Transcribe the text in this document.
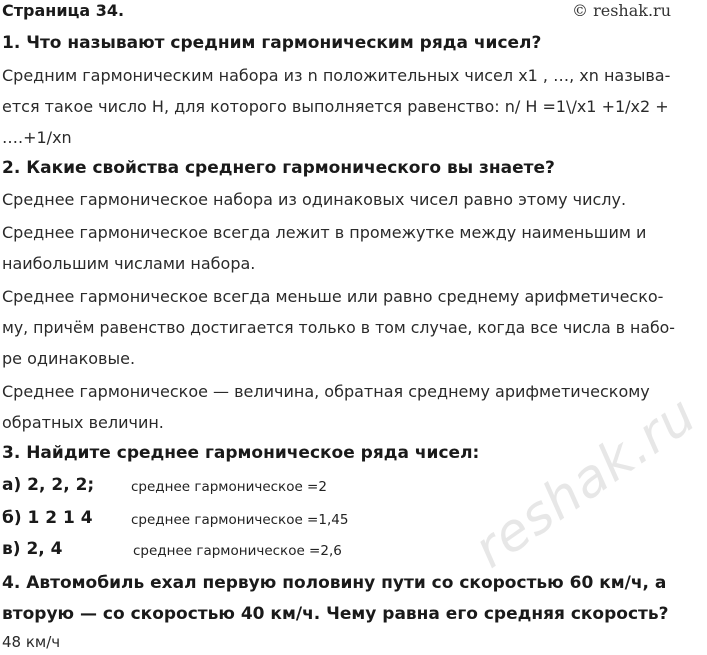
Страница 34.	© reshak.ru
1. Что называют средним гармоническим ряда чисел?
Средним гармоническим набора из n положительных чисел x1 , …, xn называ-
ется такое число H, для которого выполняется равенство: n/ H =1\/x1 +1/x2 +
….+1/xn
2. Какие свойства среднего гармонического вы знаете?
Среднее гармоническое набора из одинаковых чисел равно этому числу.
Среднее гармоническое всегда лежит в промежутке между наименьшим и
наибольшим числами набора.
Среднее гармоническое всегда меньше или равно среднему арифметическо-
му, причём равенство достигается только в том случае, когда все числа в набо-
ре одинаковые.
Среднее гармоническое — величина, обратная среднему арифметическому
обратных величин.
3. Найдите среднее гармоническое ряда чисел:
а) 2, 2, 2;	среднее гармоническое =2
б) 1 2 1 4	среднее гармоническое =1,45
в) 2, 4	среднее гармоническое =2,6
4. Автомобиль ехал первую половину пути со скоростью 60 км/ч, а
вторую — со скоростью 40 км/ч. Чему равна его средняя скорость?
48 км/ч
reshak.ru
